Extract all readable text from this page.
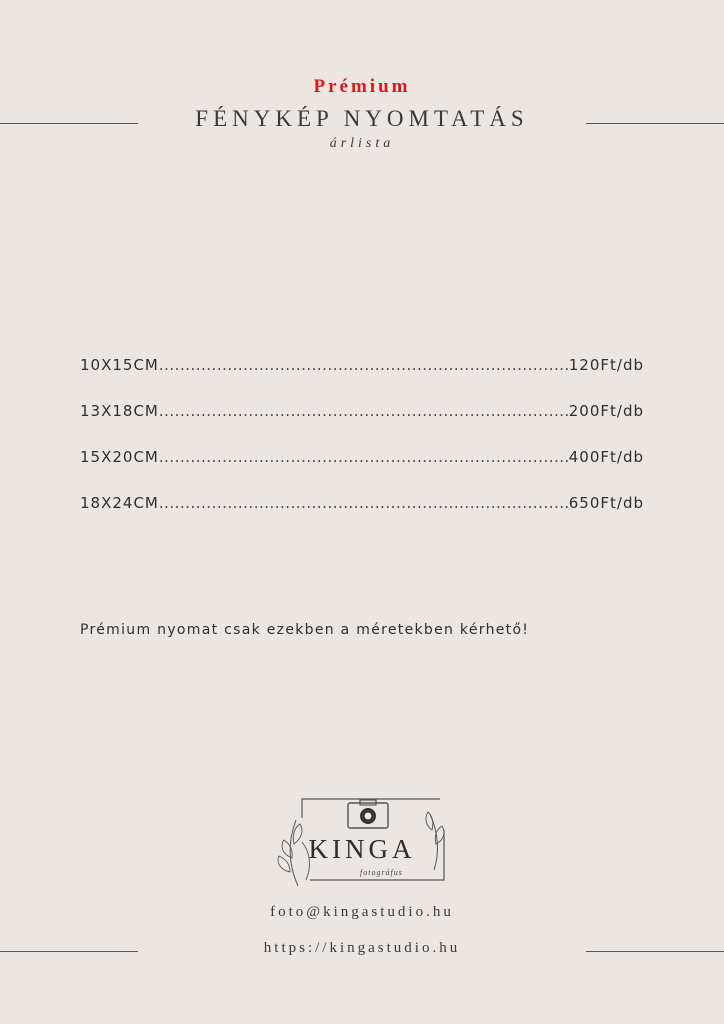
Prémium
FÉNYKÉP NYOMTATÁS
árlista
10X15CM .....	120Ft/db
13X18CM .....	200Ft/db
15X20CM .....	400Ft/db
18X24CM .....	650Ft/db
Prémium nyomat csak ezekben a méretekben kérhető!
KINGA
fotográfus
foto@kingastudio.hu
https://kingastudio.hu
